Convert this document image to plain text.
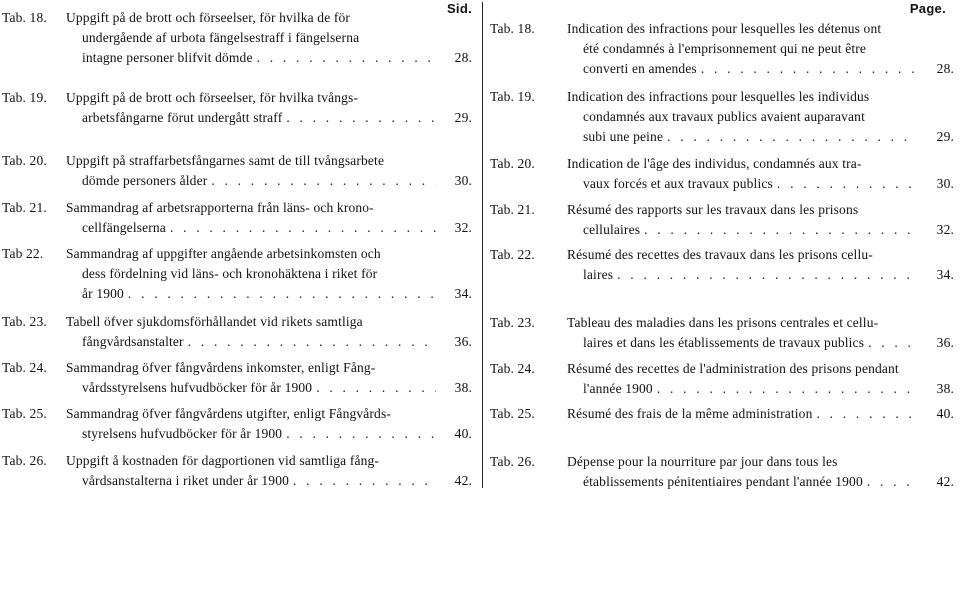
Sid.
Tab. 18. Uppgift på de brott och förseelser, för hvilka de för
undergående af urbota fängelsestraff i fängelserna
intagne personer blifvit dömde . . .	28.
Tab. 19. Uppgift på de brott och förseelser, för hvilka tvångs-
arbetsfångarne förut undergått straff . . .	29.
Tab. 20. Uppgift på straffarbetsfångarnes samt de till tvångsarbete
dömde personers ålder . . .	30.
Tab. 21. Sammandrag af arbetsrapporterna från läns- och krono-
cellfängelserna . . .	32.
Tab 22. Sammandrag af uppgifter angående arbetsinkomsten och
dess fördelning vid läns- och kronohäktena i riket för
år 1900 . . .	34.
Tab. 23. Tabell öfver sjukdomsförhållandet vid rikets samtliga
fångvårdsanstalter . . .	36.
Tab. 24. Sammandrag öfver fångvårdens inkomster, enligt Fång-
vårdsstyrelsens hufvudböcker för år 1900 . . .	38.
Tab. 25. Sammandrag öfver fångvårdens utgifter, enligt Fångvårds-
styrelsens hufvudböcker för år 1900 . . .	40.
Tab. 26. Uppgift å kostnaden för dagportionen vid samtliga fång-
vårdsanstalterna i riket under år 1900 . . .	42.
Page.
Tab. 18. Indication des infractions pour lesquelles les détenus ont
été condamnés à l'emprisonnement qui ne peut être
converti en amendes . . .	28.
Tab. 19. Indication des infractions pour lesquelles les individus
condamnés aux travaux publics avaient auparavant
subi une peine . . .	29.
Tab. 20. Indication de l'âge des individus, condamnés aux tra-
vaux forcés et aux travaux publics . . .	30.
Tab. 21. Résumé des rapports sur les travaux dans les prisons
cellulaires . . .	32.
Tab. 22. Résumé des recettes des travaux dans les prisons cellu-
laires . . .	34.
Tab. 23. Tableau des maladies dans les prisons centrales et cellu-
laires et dans les établissements de travaux publics . . .	36.
Tab. 24. Résumé des recettes de l'administration des prisons pendant
l'année 1900 . . .	38.
Tab. 25. Résumé des frais de la même administration . . .	40.
Tab. 26. Dépense pour la nourriture par jour dans tous les
établissements pénitentiaires pendant l'année 1900 . . .	42.
